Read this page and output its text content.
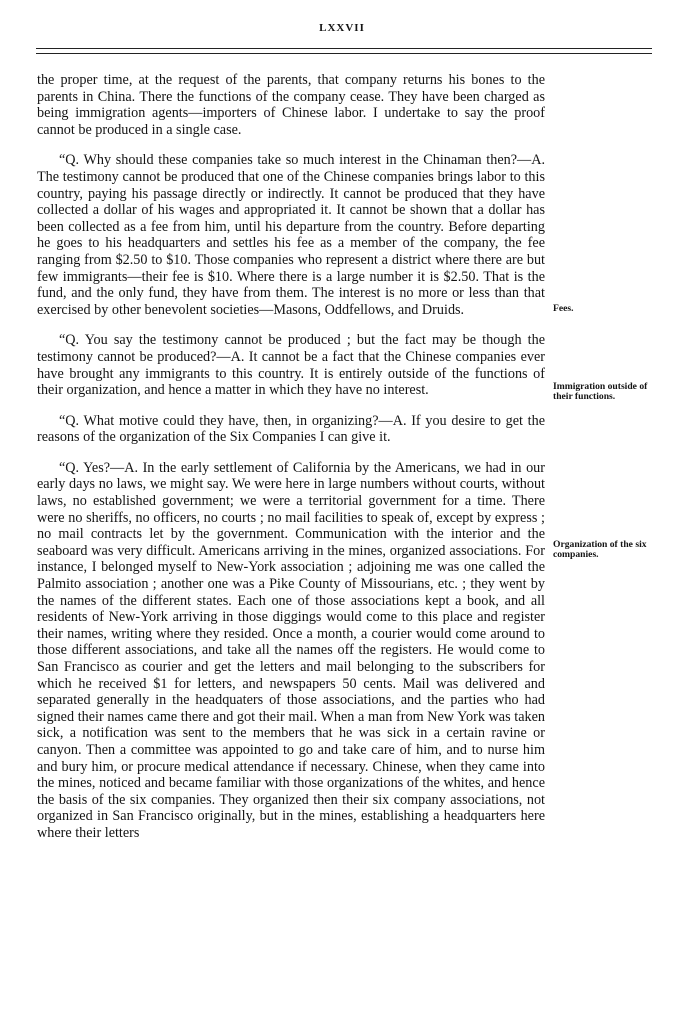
LXXVII

the proper time, at the request of the parents, that company returns his bones to the parents in China. There the functions of the company cease. They have been charged as being immigration agents—importers of Chinese labor. I undertake to say the proof cannot be produced in a single case.

“Q. Why should these companies take so much interest in the Chinaman then?—A. The testimony cannot be produced that one of the Chinese companies brings labor to this country, paying his passage directly or indirectly. It cannot be produced that they have collected a dollar of his wages and appropriated it. It cannot be shown that a dollar has been collected as a fee from him, until his departure from the country. Before departing he goes to his headquarters and settles his fee as a member of the company, the fee ranging from $2.50 to $10. Those companies who represent a district where there are but few immigrants—their fee is $10. Where there is a large number it is $2.50. That is the fund, and the only fund, they have from them. The interest is no more or less than that exercised by other benevolent societies—Masons, Oddfellows, and Druids.

“Q. You say the testimony cannot be produced ; but the fact may be though the testimony cannot be produced?—A. It cannot be a fact that the Chinese companies ever have brought any immigrants to this country. It is entirely outside of the functions of their organization, and hence a matter in which they have no interest.

“Q. What motive could they have, then, in organizing?—A. If you desire to get the reasons of the organization of the Six Companies I can give it.

“Q. Yes?—A. In the early settlement of California by the Americans, we had in our early days no laws, we might say. We were here in large numbers without courts, without laws, no established government; we were a territorial government for a time. There were no sheriffs, no officers, no courts ; no mail facilities to speak of, except by express ; no mail contracts let by the government. Communication with the interior and the seaboard was very difficult. Americans arriving in the mines, organized associations. For instance, I belonged myself to New-York association ; adjoining me was one called the Palmito association ; another one was a Pike County of Missourians, etc. ; they went by the names of the different states. Each one of those associations kept a book, and all residents of New-York arriving in those diggings would come to this place and register their names, writing where they resided. Once a month, a courier would come around to those different associations, and take all the names off the registers. He would come to San Francisco as courier and get the letters and mail belonging to the subscribers for which he received $1 for letters, and newspapers 50 cents. Mail was delivered and separated generally in the headquaters of those associations, and the parties who had signed their names came there and got their mail. When a man from New York was taken sick, a notification was sent to the members that he was sick in a certain ravine or canyon. Then a committee was appointed to go and take care of him, and to nurse him and bury him, or procure medical attendance if necessary. Chinese, when they came into the mines, noticed and became familiar with those organizations of the whites, and hence the basis of the six companies. They organized then their six company associations, not organized in San Francisco originally, but in the mines, establishing a headquarters here where their letters

Fees.
Immigration outside of their functions.
Organization of the six companies.
